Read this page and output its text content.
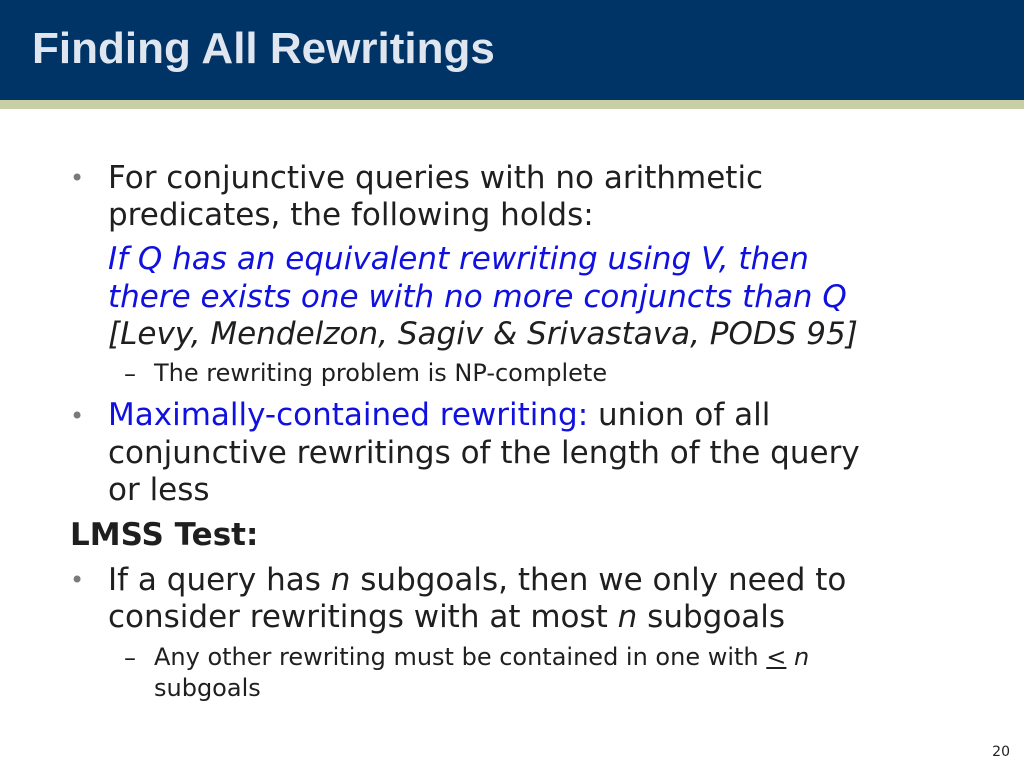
Finding All Rewritings
• For conjunctive queries with no arithmetic
predicates, the following holds:
If Q has an equivalent rewriting using V, then
there exists one with no more conjuncts than Q
[Levy, Mendelzon, Sagiv & Srivastava, PODS 95]
– The rewriting problem is NP-complete
• Maximally-contained rewriting: union of all
conjunctive rewritings of the length of the query
or less
LMSS Test:
• If a query has n subgoals, then we only need to
consider rewritings with at most n subgoals
– Any other rewriting must be contained in one with ≤ n
subgoals
20
